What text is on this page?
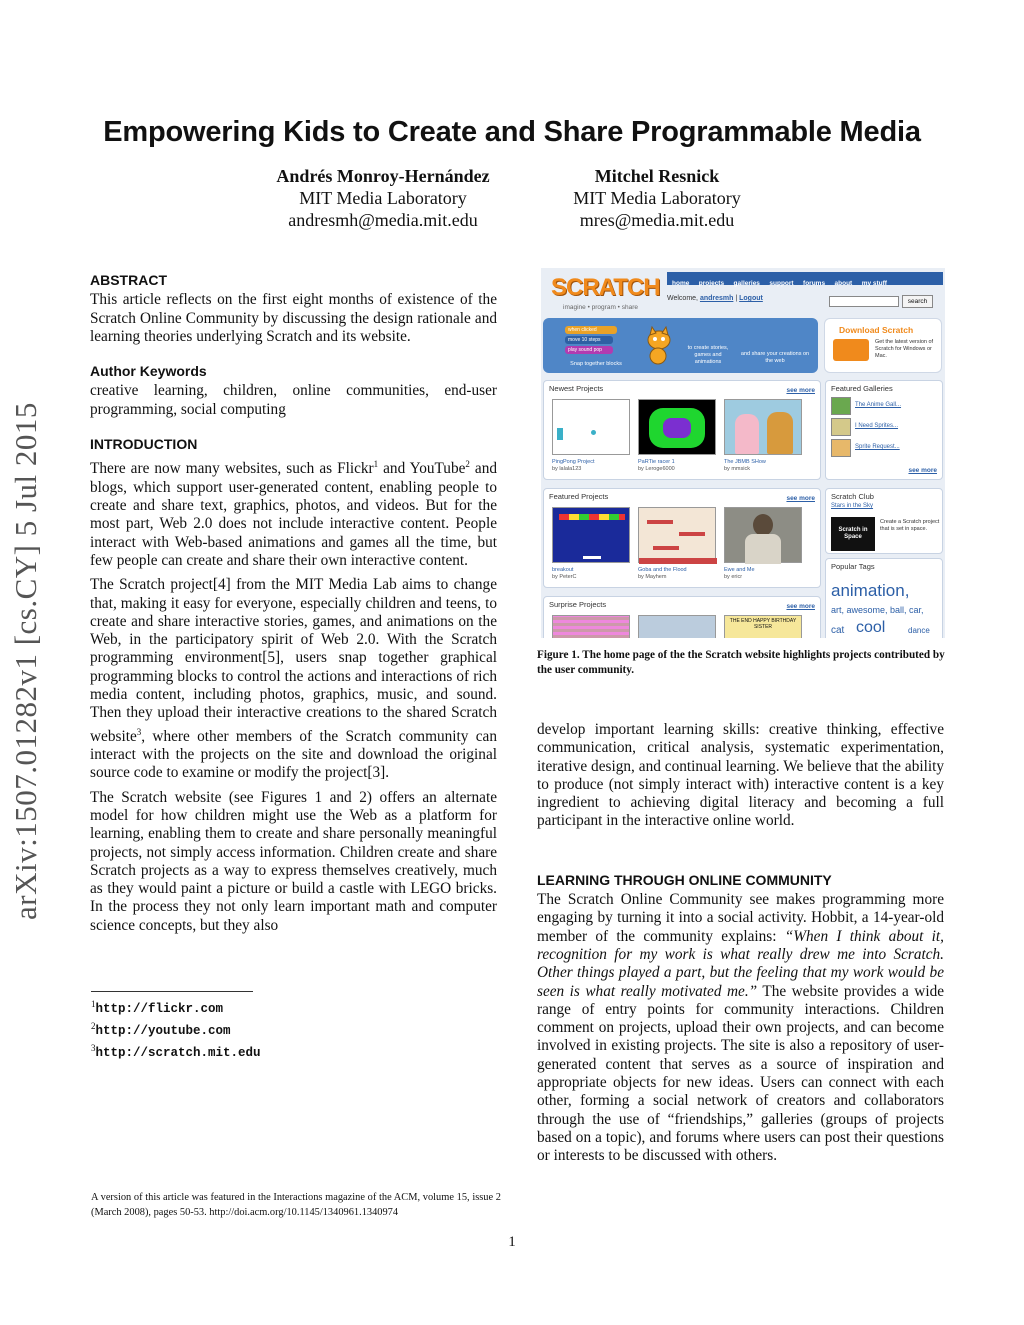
Empowering Kids to Create and Share Programmable Media
Andrés Monroy-Hernández
MIT Media Laboratory
andresmh@media.mit.edu
Mitchel Resnick
MIT Media Laboratory
mres@media.mit.edu
arXiv:1507.01282v1 [cs.CY] 5 Jul 2015
ABSTRACT

This article reflects on the first eight months of existence of the Scratch Online Community by discussing the design rationale and learning theories underlying Scratch and its website.

Author Keywords

creative learning, children, online communities, end-user programming, social computing

INTRODUCTION

There are now many websites, such as Flickr$^1$ and YouTube$^2$ and blogs, which support user-generated content, enabling people to create and share text, graphics, photos, and videos. But for the most part, Web 2.0 does not include interactive content. People interact with Web-based animations and games all the time, but few people can create and share their own interactive content.

The Scratch project[4] from the MIT Media Lab aims to change that, making it easy for everyone, especially children and teens, to create and share interactive stories, games, and animations on the Web, in the participatory spirit of Web 2.0. With the Scratch programming environment[5], users snap together graphical programming blocks to control the actions and interactions of rich media content, including photos, graphics, music, and sound. Then they upload their interactive creations to the shared Scratch website$^3$, where other members of the Scratch community can interact with the projects on the site and download the original source code to examine or modify the project[3].

The Scratch website (see Figures 1 and 2) offers an alternate model for how children might use the Web as a platform for learning, enabling them to create and share personally meaningful projects, not simply access information. Children create and share Scratch projects as a way to express themselves creatively, much as they would paint a picture or build a castle with LEGO bricks. In the process they not only learn important math and computer science concepts, but they also

$^1$http://flickr.com
$^2$http://youtube.com
$^3$http://scratch.mit.edu
A version of this article was featured in the Interactions magazine of the ACM, volume 15, issue 2 (March 2008), pages 50-53. http://doi.acm.org/10.1145/1340961.1340974
1
SCRATCH
imagine • program • share
home projects galleries support forums about my stuff
Welcome, andresmh | Logout	search
when clicked
move 10 steps
play sound pop
Snap together blocks
to create stories, games and animations
and share your creations on the web
Download Scratch
Get the latest version of Scratch for Windows or Mac.
Newest Projects	see more
PingPong Project
by lalala123
PaRTie racer 1
by Leroge6000
The JBMB SHow
by mmsick
Featured Projects	see more
breakout
by PeterC
Goba and the Flood
by Mayhem
Ewe and Me
by ericr
Surprise Projects	see more
THE END HAPPY BIRTHDAY SISTER
Featured Galleries
The Anime Gall...
I Need Sprites...
Sprite Request...
see more
Scratch Club
Stars in the Sky
Scratch in Space
Create a Scratch project that is set in space.
Popular Tags
animation,
art, awesome, ball, car,
cat cool	dance
Figure 1. The home page of the the Scratch website highlights projects contributed by the user community.

develop important learning skills: creative thinking, effective communication, critical analysis, systematic experimentation, iterative design, and continual learning. We believe that the ability to produce (not simply interact with) interactive content is a key ingredient to achieving digital literacy and becoming a full participant in the interactive online world.

LEARNING THROUGH ONLINE COMMUNITY

The Scratch Online Community see makes programming more engaging by turning it into a social activity. Hobbit, a 14-year-old member of the community explains: “When I think about it, recognition for my work is what really drew me into Scratch. Other things played a part, but the feeling that my work would be seen is what really motivated me.” The website provides a wide range of entry points for community interactions. Children comment on projects, upload their own projects, and can become involved in existing projects. The site is also a repository of user-generated content that serves as a source of inspiration and appropriate objects for new ideas. Users can connect with each other, forming a social network of creators and collaborators through the use of “friendships,” galleries (groups of projects based on a topic), and forums where users can post their questions or interests to be discussed with others.
